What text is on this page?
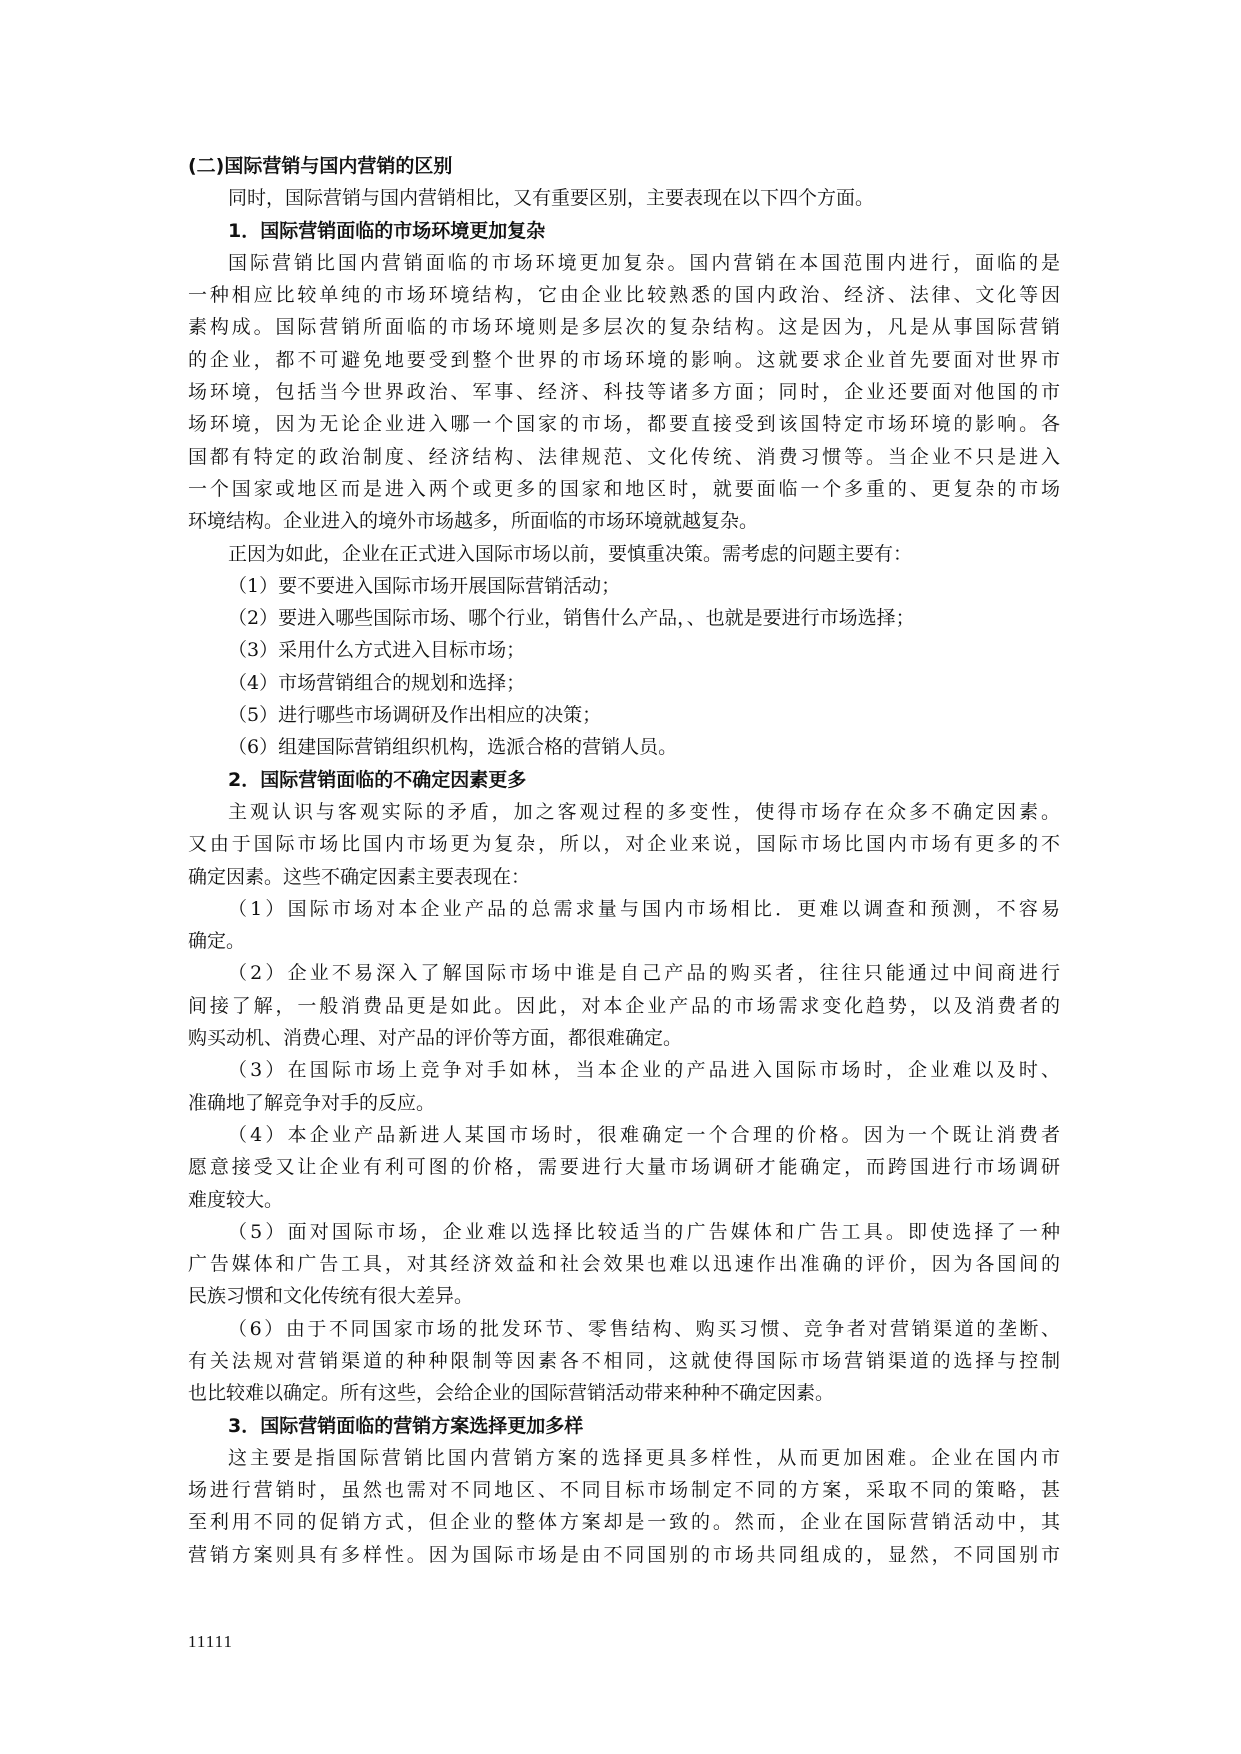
(二)国际营销与国内营销的区别
同时，国际营销与国内营销相比，又有重要区别，主要表现在以下四个方面。
1．国际营销面临的市场环境更加复杂
国际营销比国内营销面临的市场环境更加复杂。国内营销在本国范围内进行，面临的是
一种相应比较单纯的市场环境结构，它由企业比较熟悉的国内政治、经济、法律、文化等因
素构成。国际营销所面临的市场环境则是多层次的复杂结构。这是因为，凡是从事国际营销
的企业，都不可避免地要受到整个世界的市场环境的影响。这就要求企业首先要面对世界市
场环境，包括当今世界政治、军事、经济、科技等诸多方面；同时，企业还要面对他国的市
场环境，因为无论企业进入哪一个国家的市场，都要直接受到该国特定市场环境的影响。各
国都有特定的政治制度、经济结构、法律规范、文化传统、消费习惯等。当企业不只是进入
一个国家或地区而是进入两个或更多的国家和地区时，就要面临一个多重的、更复杂的市场
环境结构。企业进入的境外市场越多，所面临的市场环境就越复杂。
正因为如此，企业在正式进入国际市场以前，要慎重决策。需考虑的问题主要有：
（1）要不要进入国际市场开展国际营销活动；
（2）要进入哪些国际市场、哪个行业，销售什么产品，、也就是要进行市场选择；
（3）采用什么方式进入目标市场；
（4）市场营销组合的规划和选择；
（5）进行哪些市场调研及作出相应的决策；
（6）组建国际营销组织机构，选派合格的营销人员。
2．国际营销面临的不确定因素更多
主观认识与客观实际的矛盾，加之客观过程的多变性，使得市场存在众多不确定因素。
又由于国际市场比国内市场更为复杂，所以，对企业来说，国际市场比国内市场有更多的不
确定因素。这些不确定因素主要表现在：
（1）国际市场对本企业产品的总需求量与国内市场相比．更难以调查和预测，不容易
确定。
（2）企业不易深入了解国际市场中谁是自己产品的购买者，往往只能通过中间商进行
间接了解，一般消费品更是如此。因此，对本企业产品的市场需求变化趋势，以及消费者的
购买动机、消费心理、对产品的评价等方面，都很难确定。
（3）在国际市场上竞争对手如林，当本企业的产品进入国际市场时，企业难以及时、
准确地了解竞争对手的反应。
（4）本企业产品新进人某国市场时，很难确定一个合理的价格。因为一个既让消费者
愿意接受又让企业有利可图的价格，需要进行大量市场调研才能确定，而跨国进行市场调研
难度较大。
（5）面对国际市场，企业难以选择比较适当的广告媒体和广告工具。即使选择了一种
广告媒体和广告工具，对其经济效益和社会效果也难以迅速作出准确的评价，因为各国间的
民族习惯和文化传统有很大差异。
（6）由于不同国家市场的批发环节、零售结构、购买习惯、竞争者对营销渠道的垄断、
有关法规对营销渠道的种种限制等因素各不相同，这就使得国际市场营销渠道的选择与控制
也比较难以确定。所有这些，会给企业的国际营销活动带来种种不确定因素。
3．国际营销面临的营销方案选择更加多样
这主要是指国际营销比国内营销方案的选择更具多样性，从而更加困难。企业在国内市
场进行营销时，虽然也需对不同地区、不同目标市场制定不同的方案，采取不同的策略，甚
至利用不同的促销方式，但企业的整体方案却是一致的。然而，企业在国际营销活动中，其
营销方案则具有多样性。因为国际市场是由不同国别的市场共同组成的，显然，不同国别市
11111
